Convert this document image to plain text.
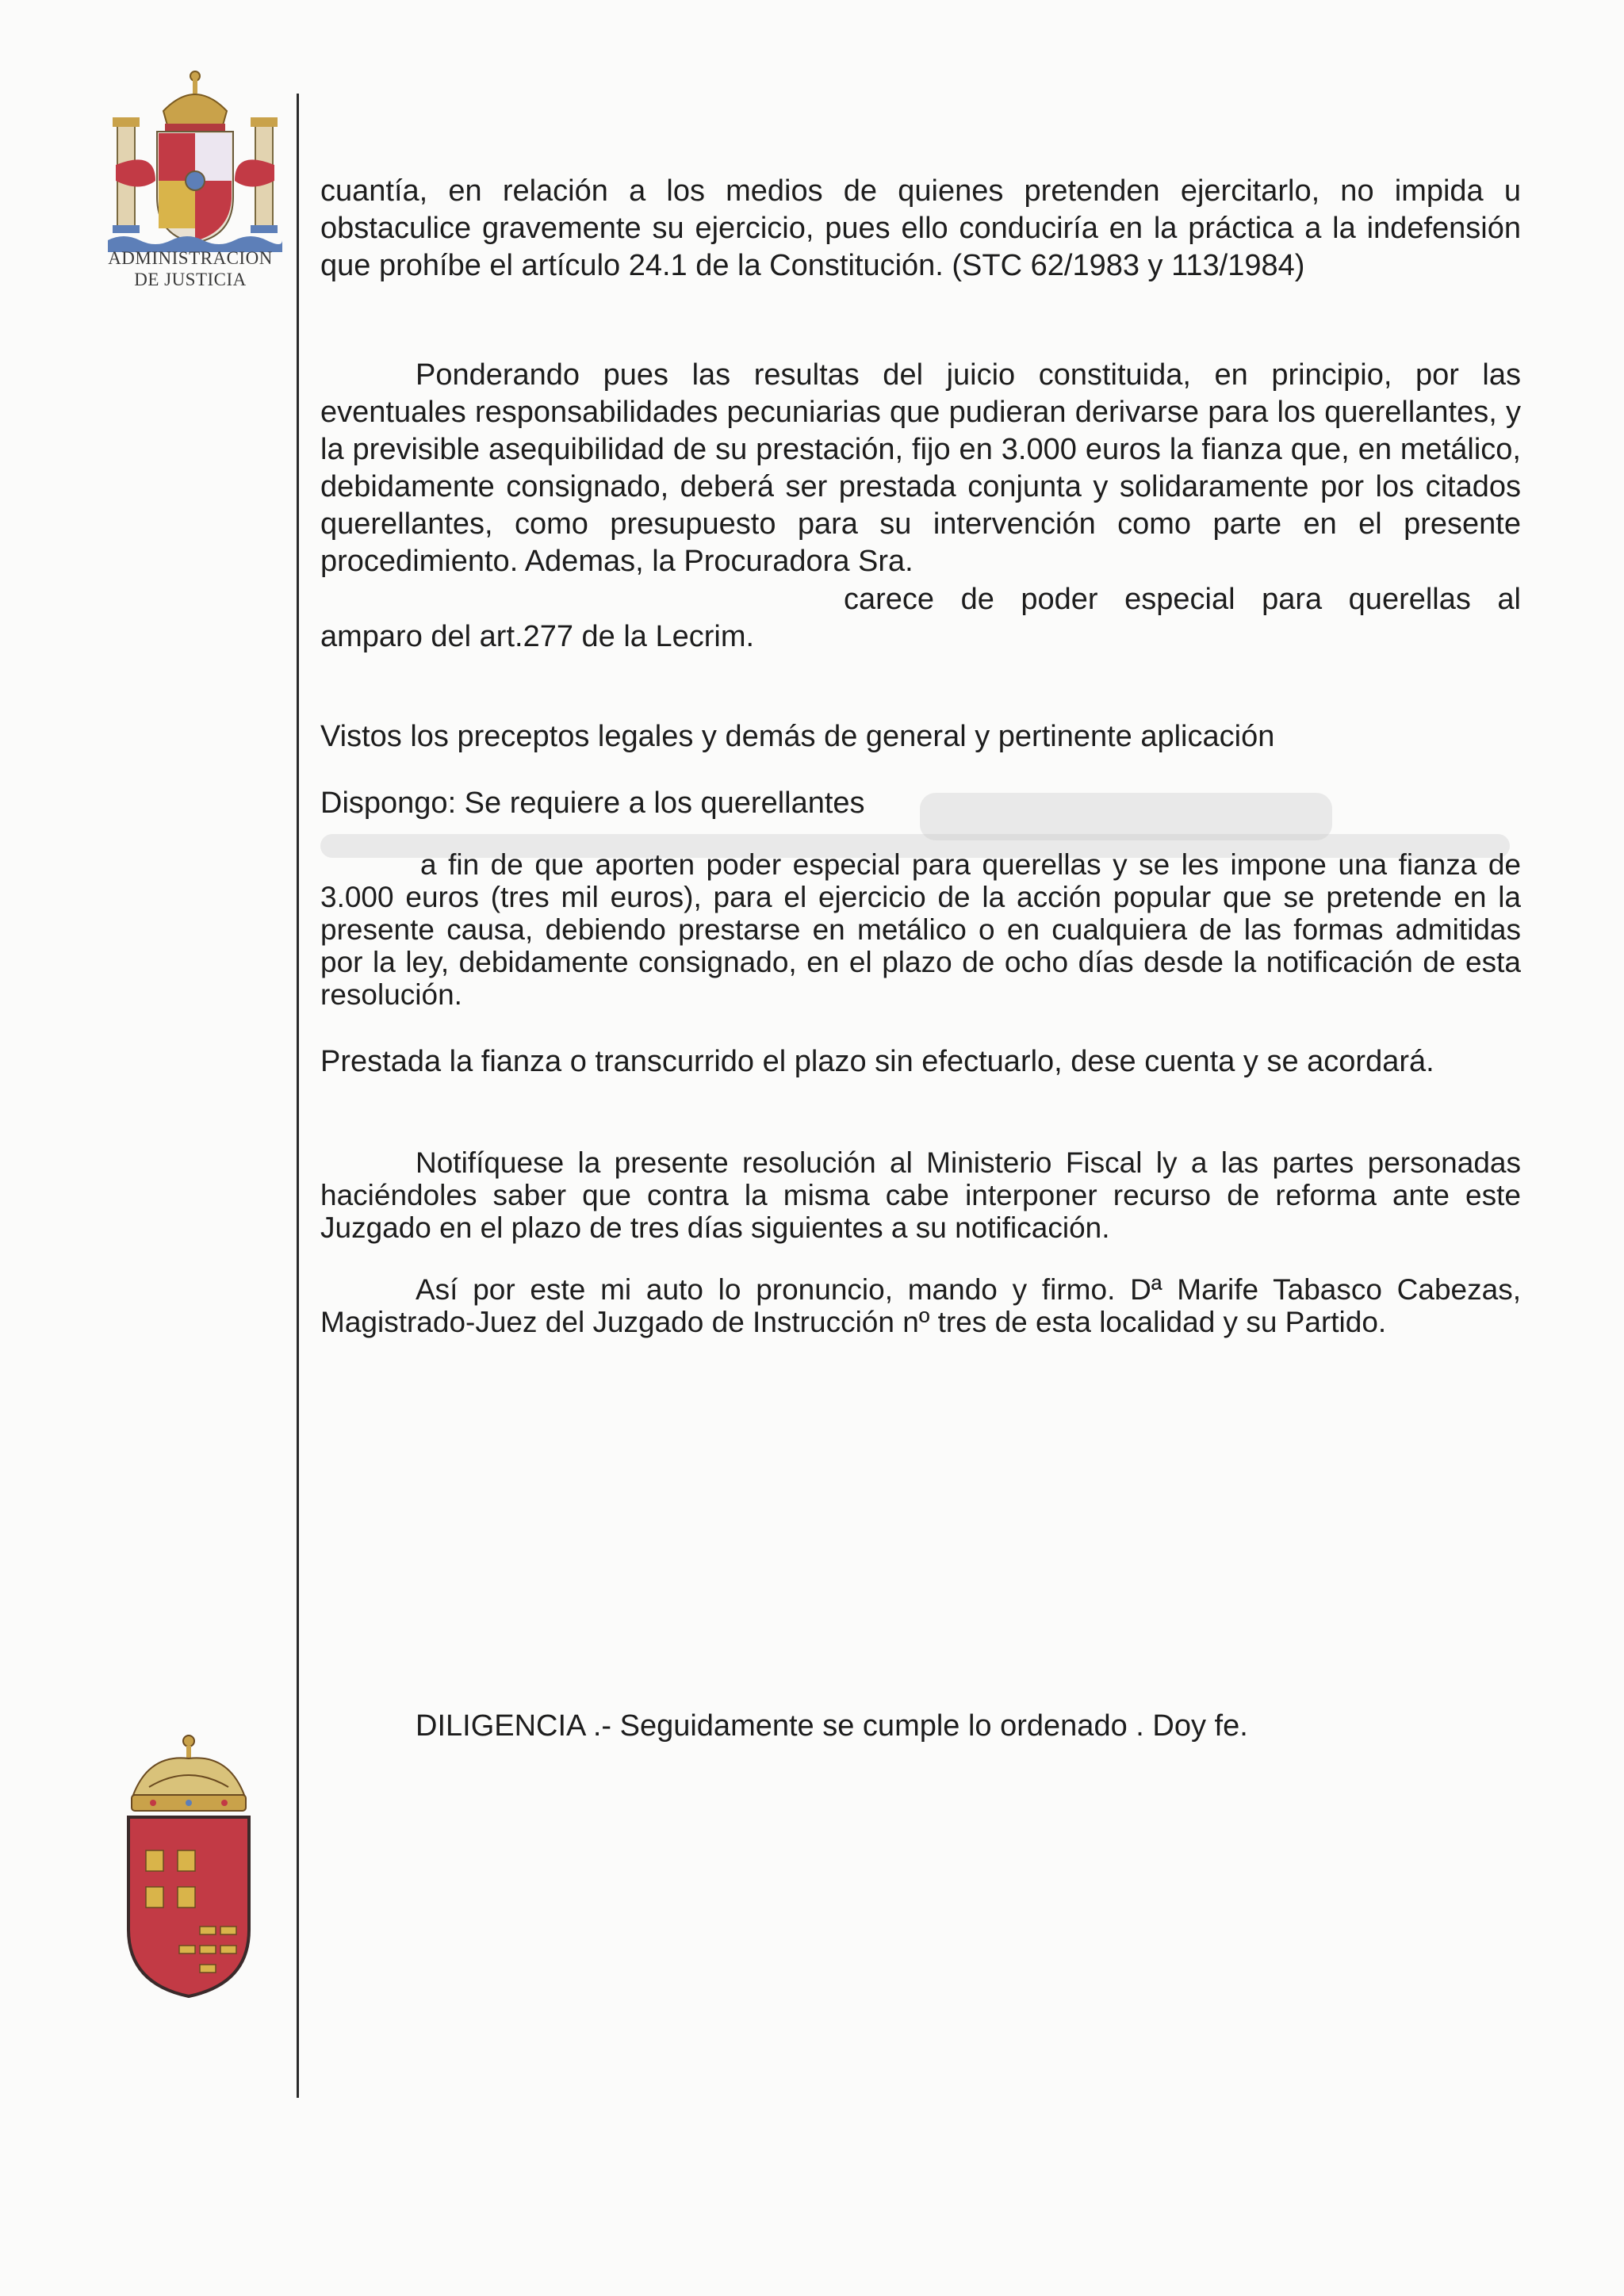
ADMINISTRACION
DE JUSTICIA

cuantía, en relación a los medios de quienes pretenden ejercitarlo, no impida u obstaculice gravemente su ejercicio, pues ello conduciría en la práctica a la indefensión que prohíbe el artículo 24.1 de la Constitución. (STC 62/1983 y 113/1984)

Ponderando pues las resultas del juicio constituida, en principio, por las eventuales responsabilidades pecuniarias que pudieran derivarse para los querellantes, y la previsible asequibilidad de su prestación, fijo en 3.000 euros la fianza que, en metálico, debidamente consignado, deberá ser prestada conjunta y solidaramente por los citados querellantes, como presupuesto para su intervención como parte en el presente procedimiento. Ademas, la Procuradora Sra.

carece de poder especial para querellas al

amparo del art.277 de la Lecrim.

Vistos los preceptos legales y demás de general y pertinente aplicación

Dispongo: Se requiere a los querellantes

a fin de que aporten poder especial para querellas y se les impone una fianza de 3.000 euros (tres mil euros), para el ejercicio de la acción popular que se pretende en la presente causa, debiendo prestarse en metálico o en cualquiera de las formas admitidas por la ley, debidamente consignado, en el plazo de ocho días desde la notificación de esta resolución.

Prestada la fianza o transcurrido el plazo sin efectuarlo, dese cuenta y se acordará.

Notifíquese la presente resolución al Ministerio Fiscal ly a las partes personadas haciéndoles saber que contra la misma cabe interponer recurso de reforma ante este Juzgado en el plazo de tres días siguientes a su notificación.

Así por este mi auto lo pronuncio, mando y firmo. Dª Marife Tabasco Cabezas, Magistrado-Juez del Juzgado de Instrucción nº tres de esta localidad y su Partido.

DILIGENCIA .- Seguidamente se cumple lo ordenado . Doy fe.
